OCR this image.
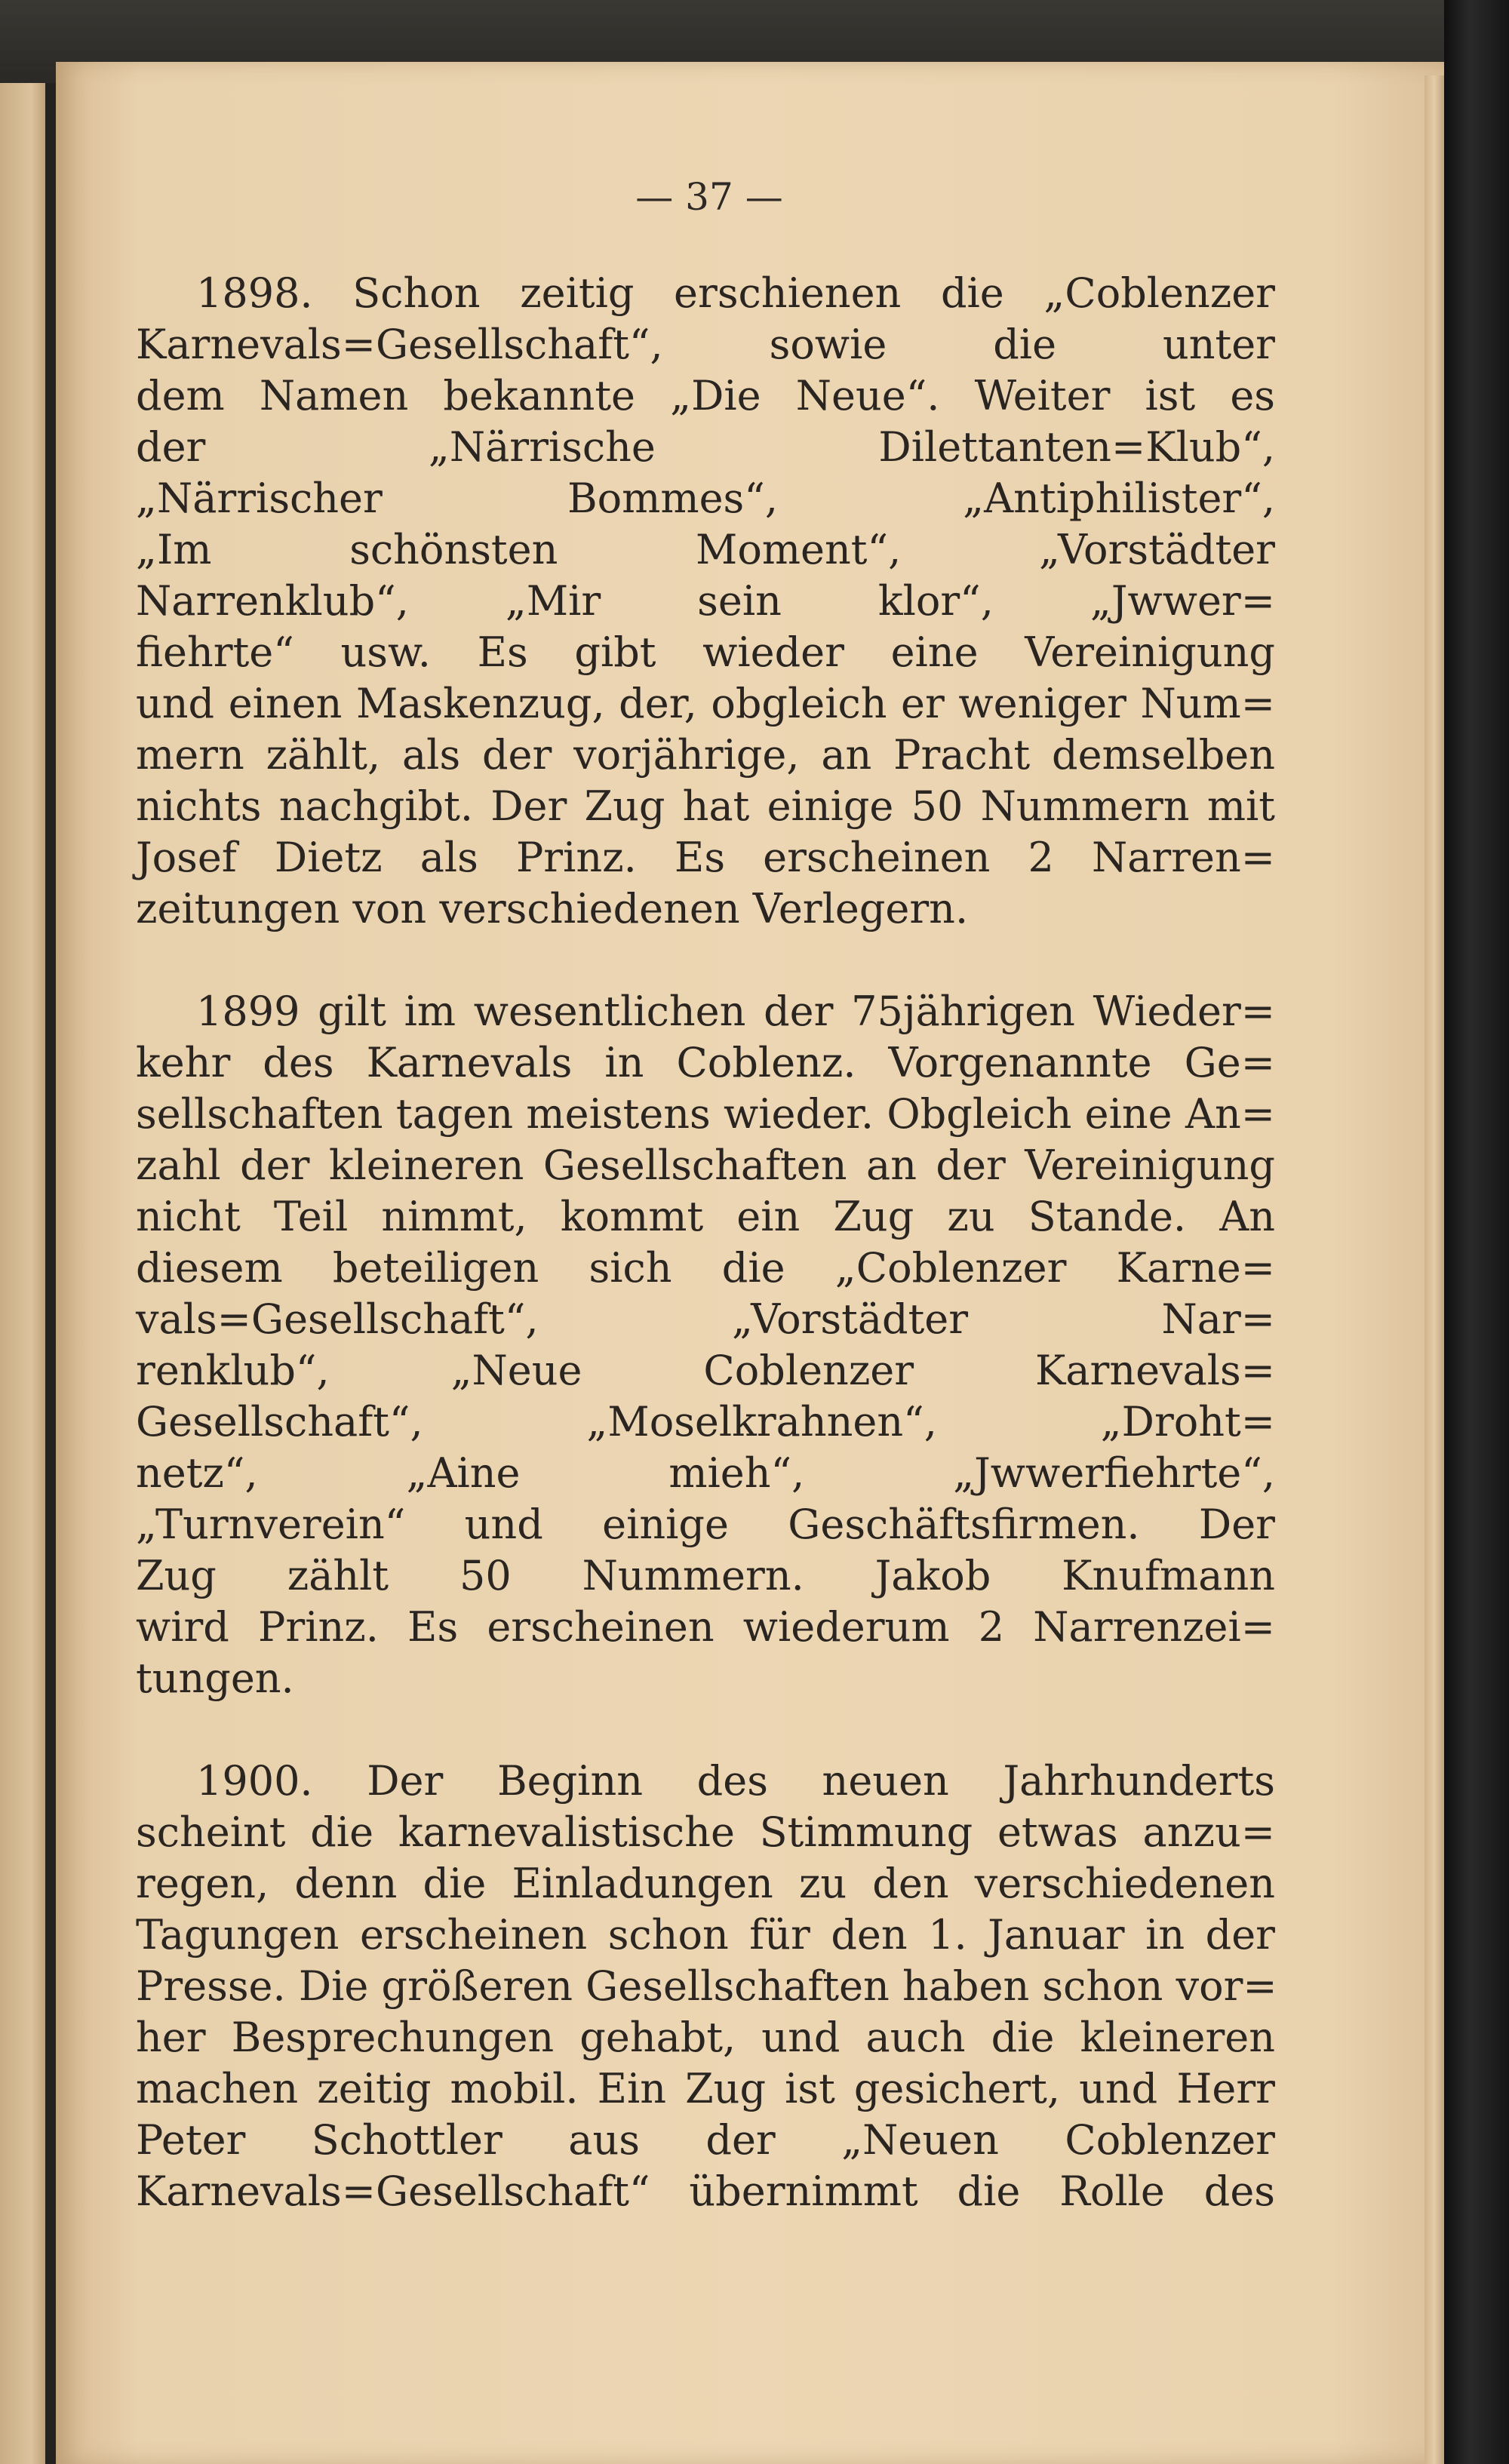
— 37 —
1898. Schon zeitig erschienen die „Coblenzer
Karnevals=Gesellschaft“, sowie die unter
dem Namen bekannte „Die Neue“. Weiter ist es
der „Närrische Dilettanten=Klub“,
„Närrischer Bommes“, „Antiphilister“,
„Im schönsten Moment“, „Vorstädter
Narrenklub“, „Mir sein klor“, „Jwwer=
fiehrte“ usw. Es gibt wieder eine Vereinigung
und einen Maskenzug, der, obgleich er weniger Num=
mern zählt, als der vorjährige, an Pracht demselben
nichts nachgibt. Der Zug hat einige 50 Nummern mit
Josef Dietz als Prinz. Es erscheinen 2 Narren=
zeitungen von verschiedenen Verlegern.
1899 gilt im wesentlichen der 75jährigen Wieder=
kehr des Karnevals in Coblenz. Vorgenannte Ge=
sellschaften tagen meistens wieder. Obgleich eine An=
zahl der kleineren Gesellschaften an der Vereinigung
nicht Teil nimmt, kommt ein Zug zu Stande. An
diesem beteiligen sich die „Coblenzer Karne=
vals=Gesellschaft“, „Vorstädter Nar=
renklub“, „Neue Coblenzer Karnevals=
Gesellschaft“, „Moselkrahnen“, „Droht=
netz“, „Aine mieh“, „Jwwerfiehrte“,
„Turnverein“ und einige Geschäftsfirmen. Der
Zug zählt 50 Nummern. Jakob Knufmann
wird Prinz. Es erscheinen wiederum 2 Narrenzei=
tungen.
1900. Der Beginn des neuen Jahrhunderts
scheint die karnevalistische Stimmung etwas anzu=
regen, denn die Einladungen zu den verschiedenen
Tagungen erscheinen schon für den 1. Januar in der
Presse. Die größeren Gesellschaften haben schon vor=
her Besprechungen gehabt, und auch die kleineren
machen zeitig mobil. Ein Zug ist gesichert, und Herr
Peter Schottler aus der „Neuen Coblenzer
Karnevals=Gesellschaft“ übernimmt die Rolle des
